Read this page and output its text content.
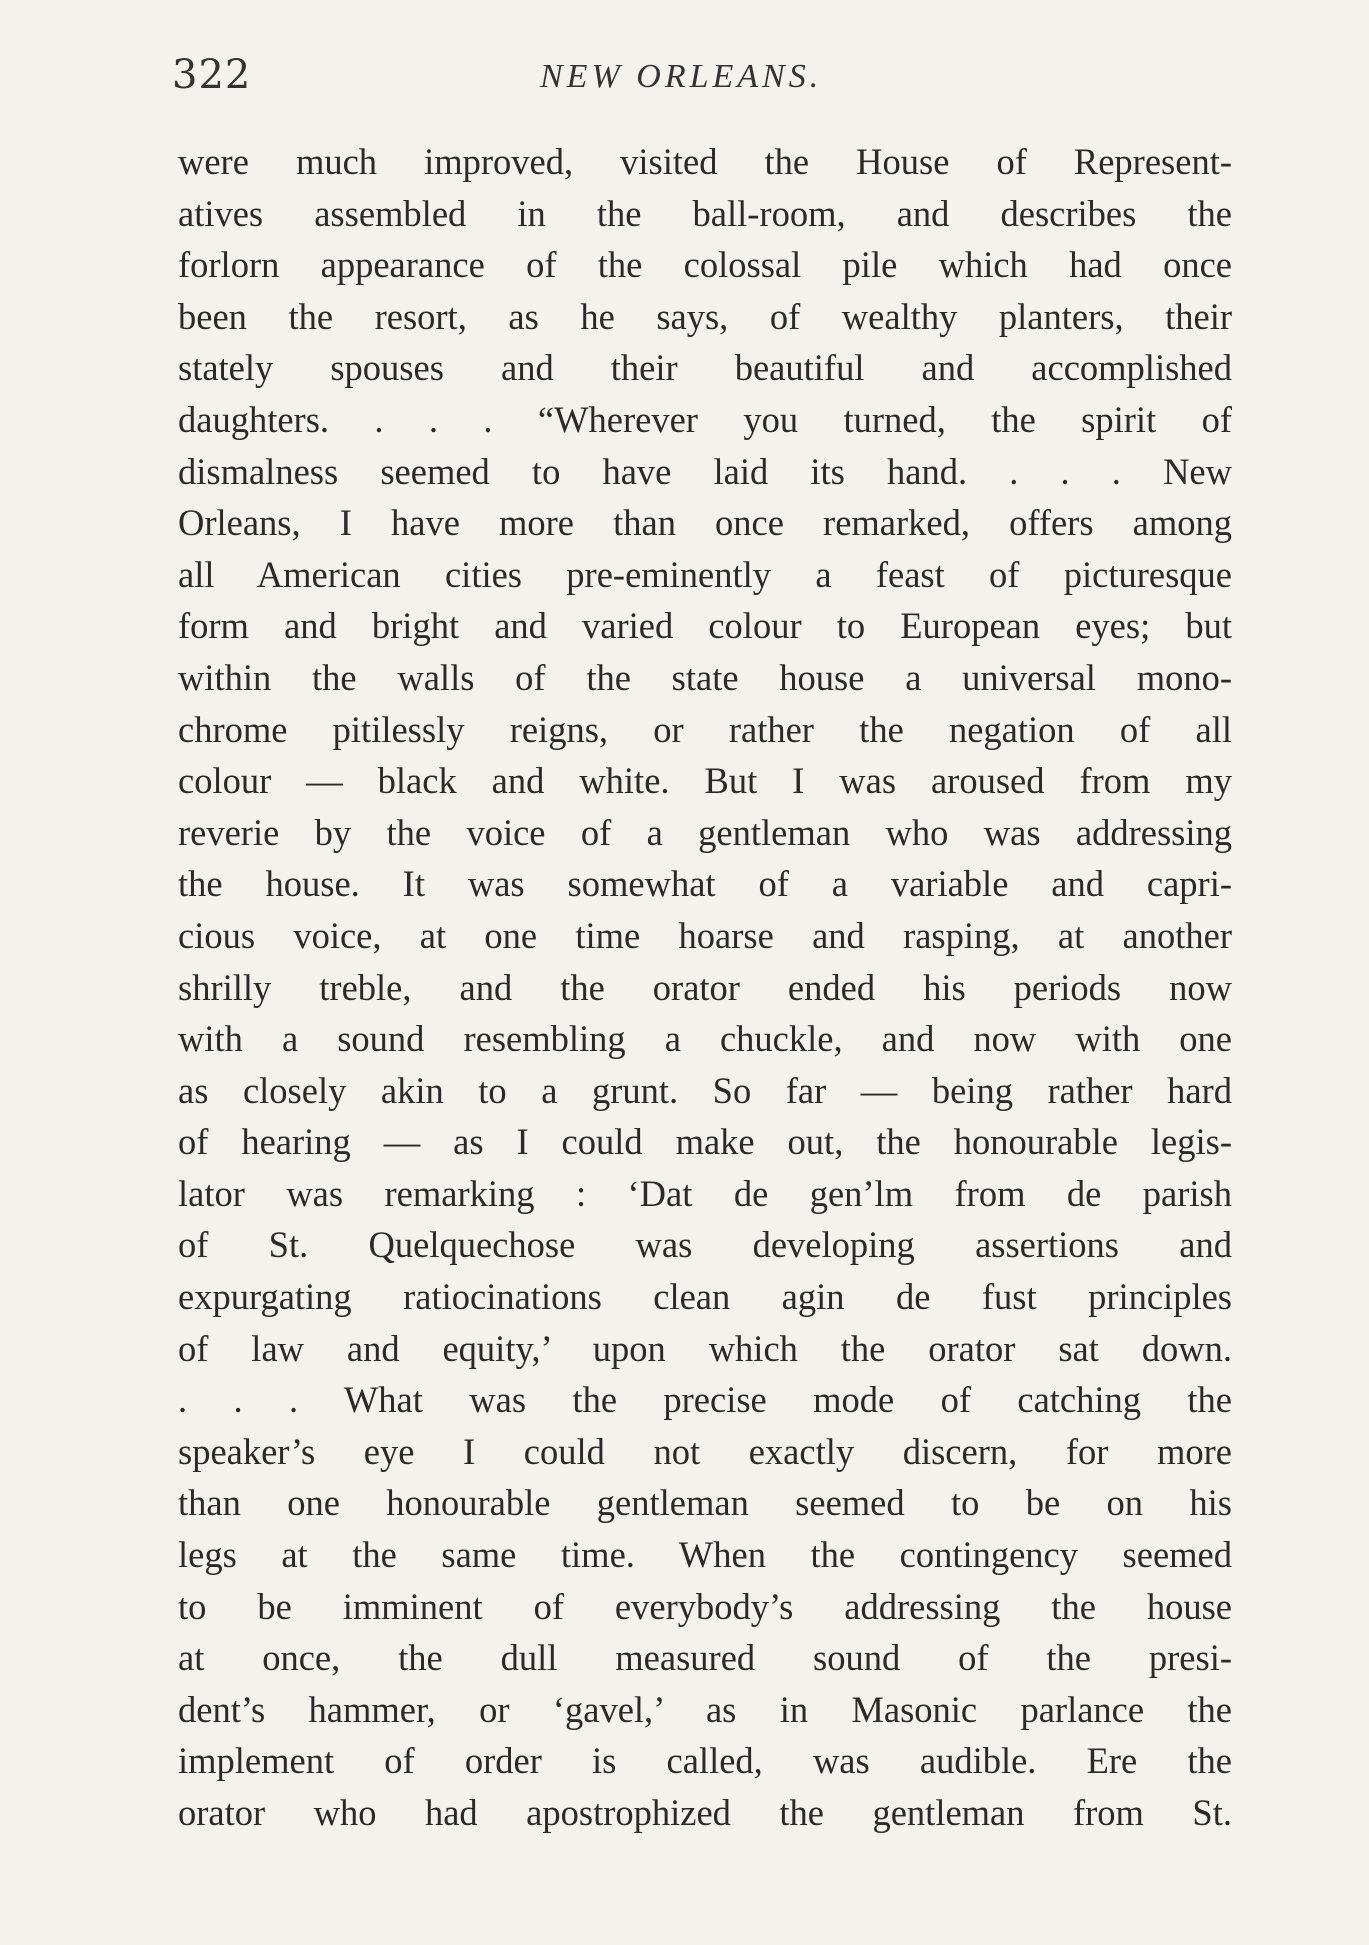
322	NEW ORLEANS.
were much improved, visited the House of Represent-
atives assembled in the ball-room, and describes the
forlorn appearance of the colossal pile which had once
been the resort, as he says, of wealthy planters, their
stately spouses and their beautiful and accomplished
daughters. . . . “Wherever you turned, the spirit of
dismalness seemed to have laid its hand. . . . New
Orleans, I have more than once remarked, offers among
all American cities pre-eminently a feast of picturesque
form and bright and varied colour to European eyes; but
within the walls of the state house a universal mono-
chrome pitilessly reigns, or rather the negation of all
colour — black and white. But I was aroused from my
reverie by the voice of a gentleman who was addressing
the house. It was somewhat of a variable and capri-
cious voice, at one time hoarse and rasping, at another
shrilly treble, and the orator ended his periods now
with a sound resembling a chuckle, and now with one
as closely akin to a grunt. So far — being rather hard
of hearing — as I could make out, the honourable legis-
lator was remarking : ‘Dat de gen’lm from de parish
of St. Quelquechose was developing assertions and
expurgating ratiocinations clean agin de fust principles
of law and equity,’ upon which the orator sat down.
. . . What was the precise mode of catching the
speaker’s eye I could not exactly discern, for more
than one honourable gentleman seemed to be on his
legs at the same time. When the contingency seemed
to be imminent of everybody’s addressing the house
at once, the dull measured sound of the presi-
dent’s hammer, or ‘gavel,’ as in Masonic parlance the
implement of order is called, was audible. Ere the
orator who had apostrophized the gentleman from St.
